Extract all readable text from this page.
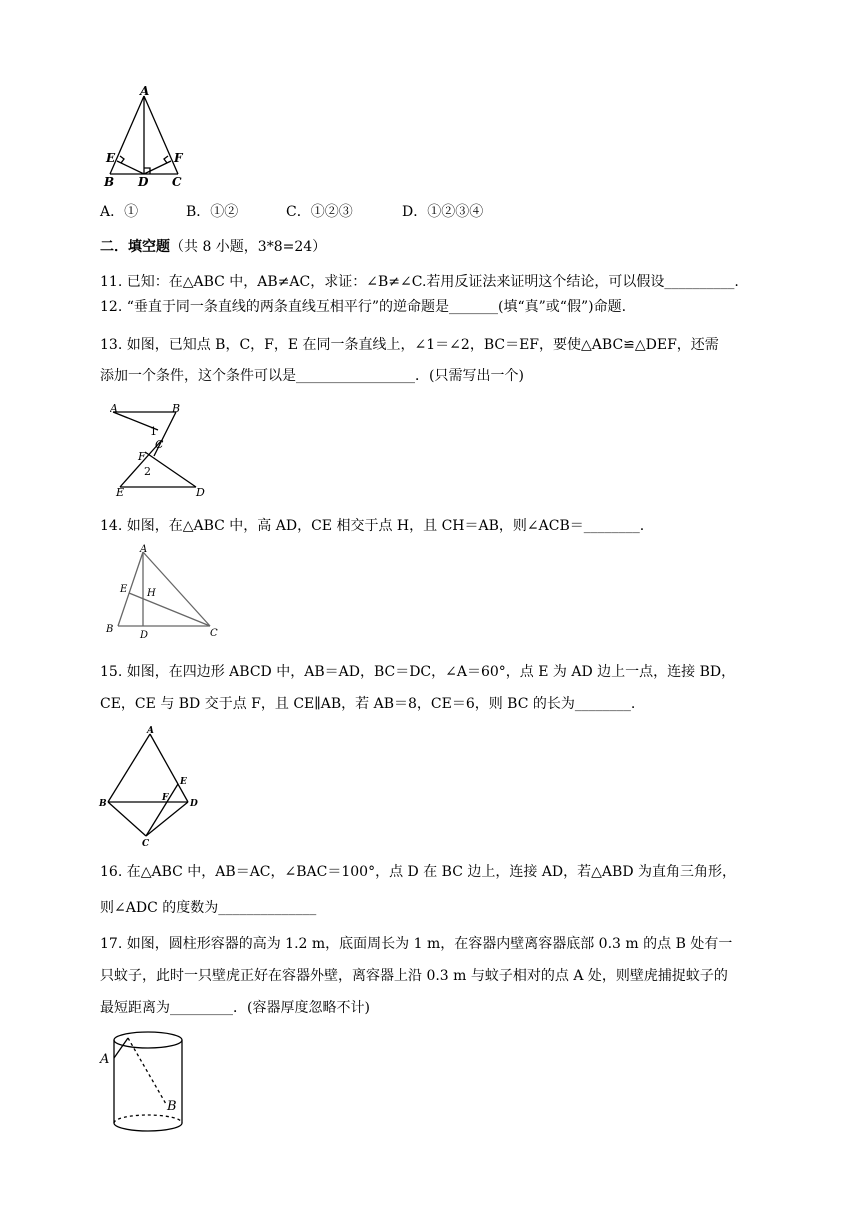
A
E	F
B D C
A．①	B．①②	C．①②③	D．①②③④
二．填空题（共 8 小题，3*8=24）
11. 已知：在△ABC 中，AB≠AC，求证：∠B≠∠C.若用反证法来证明这个结论，可以假设__________.
12. “垂直于同一条直线的两条直线互相平行”的逆命题是_______(填“真”或“假”)命题.
13. 如图，已知点 B，C，F，E 在同一条直线上，∠1＝∠2，BC＝EF，要使△ABC≌△DEF，还需
添加一个条件，这个条件可以是_________________．(只需写出一个)
A	B
1
C
F
2
E	D
14. 如图，在△ABC 中，高 AD，CE 相交于点 H，且 CH＝AB，则∠ACB＝________.
A
E H
B
D	C
15. 如图，在四边形 ABCD 中，AB＝AD，BC＝DC，∠A＝60°，点 E 为 AD 边上一点，连接 BD，
CE，CE 与 BD 交于点 F，且 CE∥AB，若 AB＝8，CE＝6，则 BC 的长为________.
A
E
B
F
D
C
16. 在△ABC 中，AB＝AC，∠BAC＝100°，点 D 在 BC 边上，连接 AD，若△ABD 为直角三角形，
则∠ADC 的度数为______________
17. 如图，圆柱形容器的高为 1.2 m，底面周长为 1 m，在容器内壁离容器底部 0.3 m 的点 B 处有一
只蚊子，此时一只壁虎正好在容器外壁，离容器上沿 0.3 m 与蚊子相对的点 A 处，则壁虎捕捉蚊子的
最短距离为_________．(容器厚度忽略不计)
A
B
